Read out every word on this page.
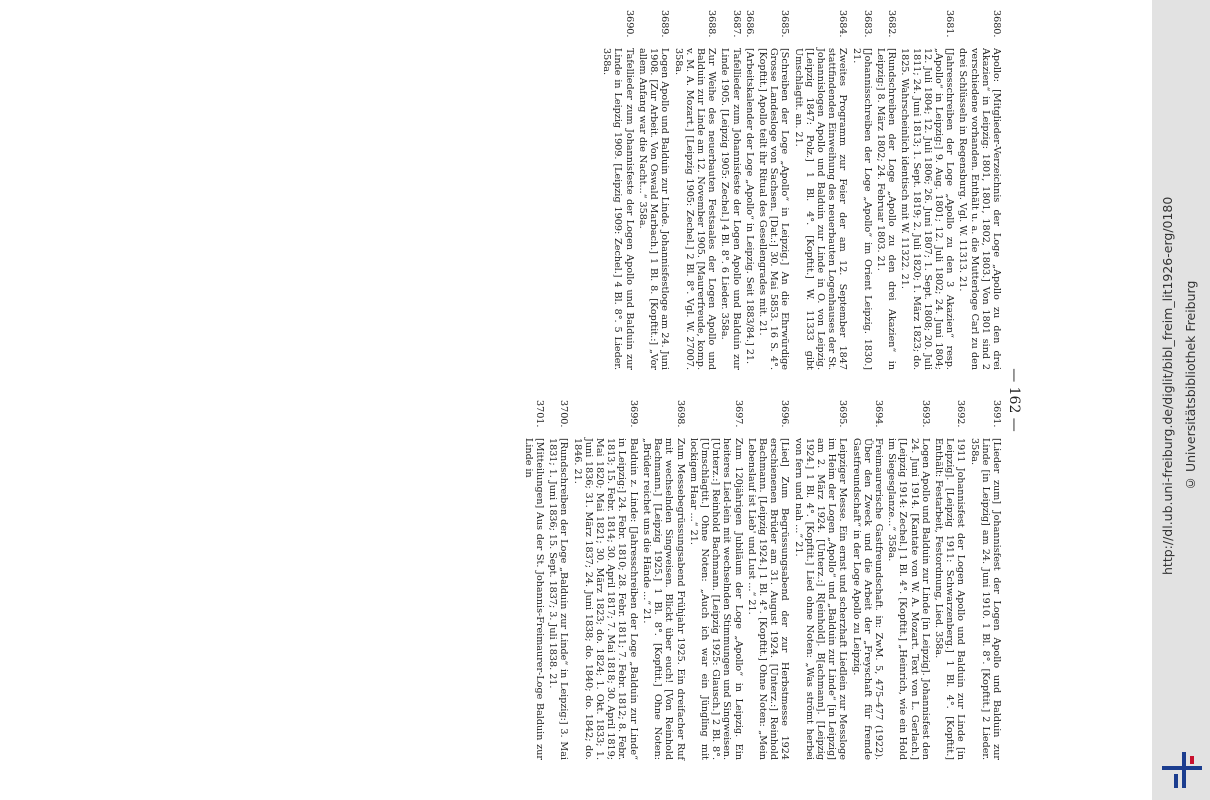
— 162 —
3680.
Apollo: [Mitglieder-Verzeichnis der Loge „Apollo zu den drei Akazien“ in Leipzig: 1801, 1801, 1802, 1803.] Von 1801 sind 2 verschiedene vorhanden. Enthält u. a. die Mutterloge Carl zu den drei Schlüsseln in Regensburg. Vgl. W. 11313. 21.
3681.
[Jahresschreiben der Loge „Apollo zu den 3 Akazien“ resp. „Apollo“ in Leipzig:] 9. Aug. 1801; 12. Juli 1802; 24. Juni 1804; 12. Juli 1804; 12. Juli 1806; 26. Juni 1807; 1. Sept. 1808; 20. Juli 1811; 24. Juni 1813; 1. Sept. 1819; 2. Juli 1820; 1. März 1823; do. 1825. Wahrscheinlich identisch mit W. 11322. 21.
3682.
[Rundschreiben der Loge „Apollo zu den drei Akazien“ in Leipzig:] 8. März 1802; 24. Februar 1803. 21.
3683.
[Johannisschreiben der Loge „Apollo“ im Orient Leipzig. 1830.] 21.
3684.
Zweites Programm zur Feier der am 12. September 1847 stattfindenden Einweihung des neuerbauten Logenhauses der St. Johannislogen Apollo und Balduin zur Linde in O. von Leipzig. [Leipzig 1847: Polz.] 1 Bl. 4°. [Kopftit.] W. 11333 gibt Umschlagtit. an. 21.
3685.
[Schreiben der Loge „Apollo“ in Leipzig.] An die Ehrwürdige Grosse Landesloge von Sachsen. [Dat.:] 30. Mai 5853. 16 S. 4°. [Kopftit.] Apollo teilt ihr Ritual des Gesellengrades mit. 21.
3686.
[Arbeitskalender der Loge „Apollo“ in Leipzig. Seit 1883/84.] 21.
3687.
Tafellieder zum Johannisfeste der Logen Apollo und Balduin zur Linde 1905. [Leipzig 1905: Zechel.] 4 Bl. 8°. 6 Lieder. 358a.
3688.
Zur Weihe des neuerbauten Festsaales der Logen Apollo und Balduin zur Linde am 12. November 1905. [Maurerfreude, komp. v. M. A. Mozart.] [Leipzig 1905: Zechel.] 2 Bl. 8°. Vgl. W. 27007. 358a.
3689.
Logen Apollo und Balduin zur Linde. Johannisfestloge am 24. Juni 1908. [Zur Arbeit. Von Oswald Marbach.] 1 Bl. 8. [Kopftit.:] „Vor allem Anfang war die Nacht...“ 358a.
3690.
Tafellieder zum Johannisfeste der Logen Apollo und Balduin zur Linde in Leipzig 1909. [Leipzig 1909: Zechel.] 4 Bl. 8°. 5 Lieder. 358a.
3691.
[Lieder zum] Johannisfest der Logen Apollo und Balduin zur Linde [in Leipzig] am 24. Juni 1910. 1 Bl. 8°. [Kopftit.] 2 Lieder. 358a.
3692.
1911 Johannisfest der Logen Apollo und Balduin zur Linde [in Leipzig]. [Leipzig 1911: Schwarzenberg.] 1 Bl. 4°. [Kopftit.] Enthält: Festarbeit, Festordnung, Lied. 358a.
3693.
Logen Apollo und Balduin zur Linde [in Leipzig]. Johannisfest den 24. Juni 1914. [Kantate von W. A. Mozart. Text von L. Gerlach.] [Leipzig 1914: Zechel.] 1 Bl. 4°. [Kopftit.] „Heinrich, wie ein Hold im Siegesglanze...“ 358a.
3694.
Freimaurerische Gastfreundschaft. in: ZwM. 5, 475–477 (1922). Über den Zweck und die Arbeit der „Freyschaft für fremde Gastfreundschaft“ in der Loge Apollo zu Leipzig.
3695.
Leipziger Messe. Ein ernst und scherzhaft Liedlein zur Messloge im Heim der Logen „Apollo“ und „Balduin zur Linde“ [in Leipzig] am 2. März 1924. [Unterz.:] R[einhold]. B[achmann]. [Leipzig 1924.] 1 Bl. 4°. [Kopftit.] Lied ohne Noten: „Was strömt herbei von fern und nah ...“ 21.
3696.
[Lied] Zum Begrüssungsabend der zur Herbstmesse 1924 erschienenen Brüder am 31. August 1924. [Unterz.:] Reinhold Bachmann. [Leipzig 1924.] 1 Bl. 4°. [Kopftit.] Ohne Noten: „Mein Lebenslauf ist Lieb' und Lust ...“ 21.
3697.
Zum 120jährigen Jubiläum der Loge „Apollo“ in Leipzig. Ein heiteres Lied-lein mit wechselnden Stimmungen und Singweisen. [Unterz.:] Reinhold Bachmann. [Leipzig 1925: Glausch.] 2 Bl. 8°. [Umschlagtit.] Ohne Noten: „Auch ich war ein Jüngling mit lockigem Haar ...“ 21.
3698.
Zum Messebegrüssungsabend Frühjahr 1925. Ein dreifacher Ruf mit wechselnden Singweisen. Blickt über euch! [Von Reinhold Bachmann.] [Leipzig 1925.] 1 Bl. 8°. [Kopftit.] Ohne Noten: „Brüder reichet uns die Hände ...“ 21.
3699.
Balduin z. Linde: [Jahresschreiben der Loge „Balduin zur Linde“ in Leipzig:] 24. Febr. 1810; 28. Febr. 1811; 7. Febr. 1812; 8. Febr. 1813; 15. Febr. 1814; 30. April 1817; 7. Mai 1818; 30. April 1819; Mai 1820; Mai 1821; 30. März 1823; do. 1824; 1. Okt. 1833; 1. Juni 1836; 31. März 1837; 24. Juni 1838; do. 1840; do. 1842; do. 1846. 21.
3700.
[Rundschreiben der Loge „Balduin zur Linde“ in Leipzig:] 3. Mai 1831; 1. Juni 1836; 15. Sept. 1837; 3. Juli 1838. 21.
3701.
[Mitteilungen] Aus der St. Johannis-Freimaurer-Loge Balduin zur Linde in	http://dl.ub.uni-freiburg.de/diglit/bibl_freim_lit1926-erg/0180 © Universitätsbibliothek Freiburg
